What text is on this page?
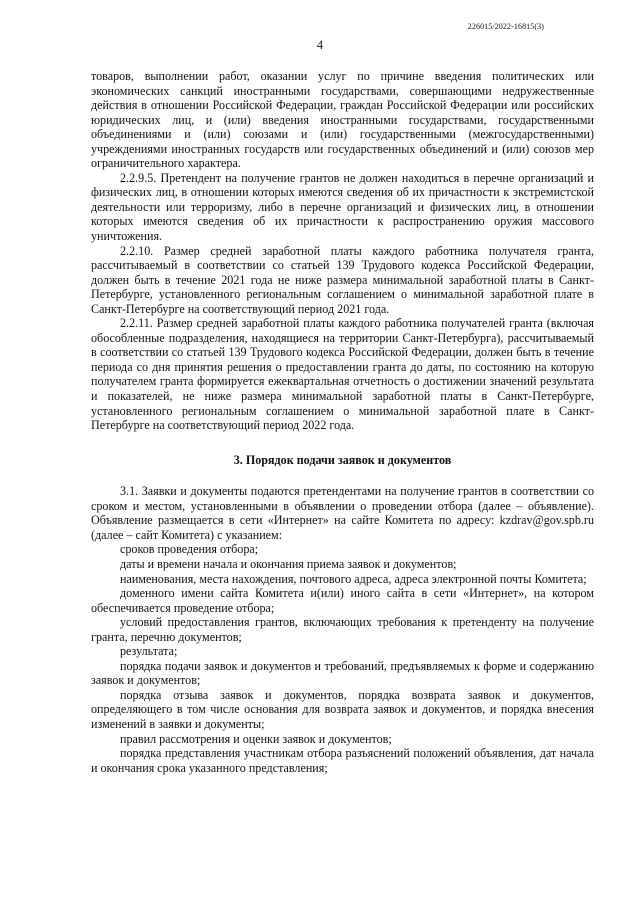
226015/2022-16815(3)
4

товаров, выполнении работ, оказании услуг по причине введения политических или экономических санкций иностранными государствами, совершающими недружественные действия в отношении Российской Федерации, граждан Российской Федерации или российских юридических лиц, и (или) введения иностранными государствами, государственными объединениями и (или) союзами и (или) государственными (межгосударственными) учреждениями иностранных государств или государственных объединений и (или) союзов мер ограничительного характера.

2.2.9.5. Претендент на получение грантов не должен находиться в перечне организаций и физических лиц, в отношении которых имеются сведения об их причастности к экстремистской деятельности или терроризму, либо в перечне организаций и физических лиц, в отношении которых имеются сведения об их причастности к распространению оружия массового уничтожения.

2.2.10. Размер средней заработной платы каждого работника получателя гранта, рассчитываемый в соответствии со статьей 139 Трудового кодекса Российской Федерации, должен быть в течение 2021 года не ниже размера минимальной заработной платы в Санкт-Петербурге, установленного региональным соглашением о минимальной заработной плате в Санкт-Петербурге на соответствующий период 2021 года.

2.2.11. Размер средней заработной платы каждого работника получателей гранта (включая обособленные подразделения, находящиеся на территории Санкт-Петербурга), рассчитываемый в соответствии со статьей 139 Трудового кодекса Российской Федерации, должен быть в течение периода со дня принятия решения о предоставлении гранта до даты, по состоянию на которую получателем гранта формируется ежеквартальная отчетность о достижении значений результата и показателей, не ниже размера минимальной заработной платы в Санкт-Петербурге, установленного региональным соглашением о минимальной заработной плате в Санкт-Петербурге на соответствующий период 2022 года.

3. Порядок подачи заявок и документов

3.1. Заявки и документы подаются претендентами на получение грантов в соответствии со сроком и местом, установленными в объявлении о проведении отбора (далее – объявление). Объявление размещается в сети «Интернет» на сайте Комитета по адресу: kzdrav@gov.spb.ru (далее – сайт Комитета) с указанием:

сроков проведения отбора;

даты и времени начала и окончания приема заявок и документов;

наименования, места нахождения, почтового адреса, адреса электронной почты Комитета;

доменного имени сайта Комитета и(или) иного сайта в сети «Интернет», на котором обеспечивается проведение отбора;

условий предоставления грантов, включающих требования к претенденту на получение гранта, перечню документов;

результата;

порядка подачи заявок и документов и требований, предъявляемых к форме и содержанию заявок и документов;

порядка отзыва заявок и документов, порядка возврата заявок и документов, определяющего в том числе основания для возврата заявок и документов, и порядка внесения изменений в заявки и документы;

правил рассмотрения и оценки заявок и документов;

порядка представления участникам отбора разъяснений положений объявления, дат начала и окончания срока указанного представления;
